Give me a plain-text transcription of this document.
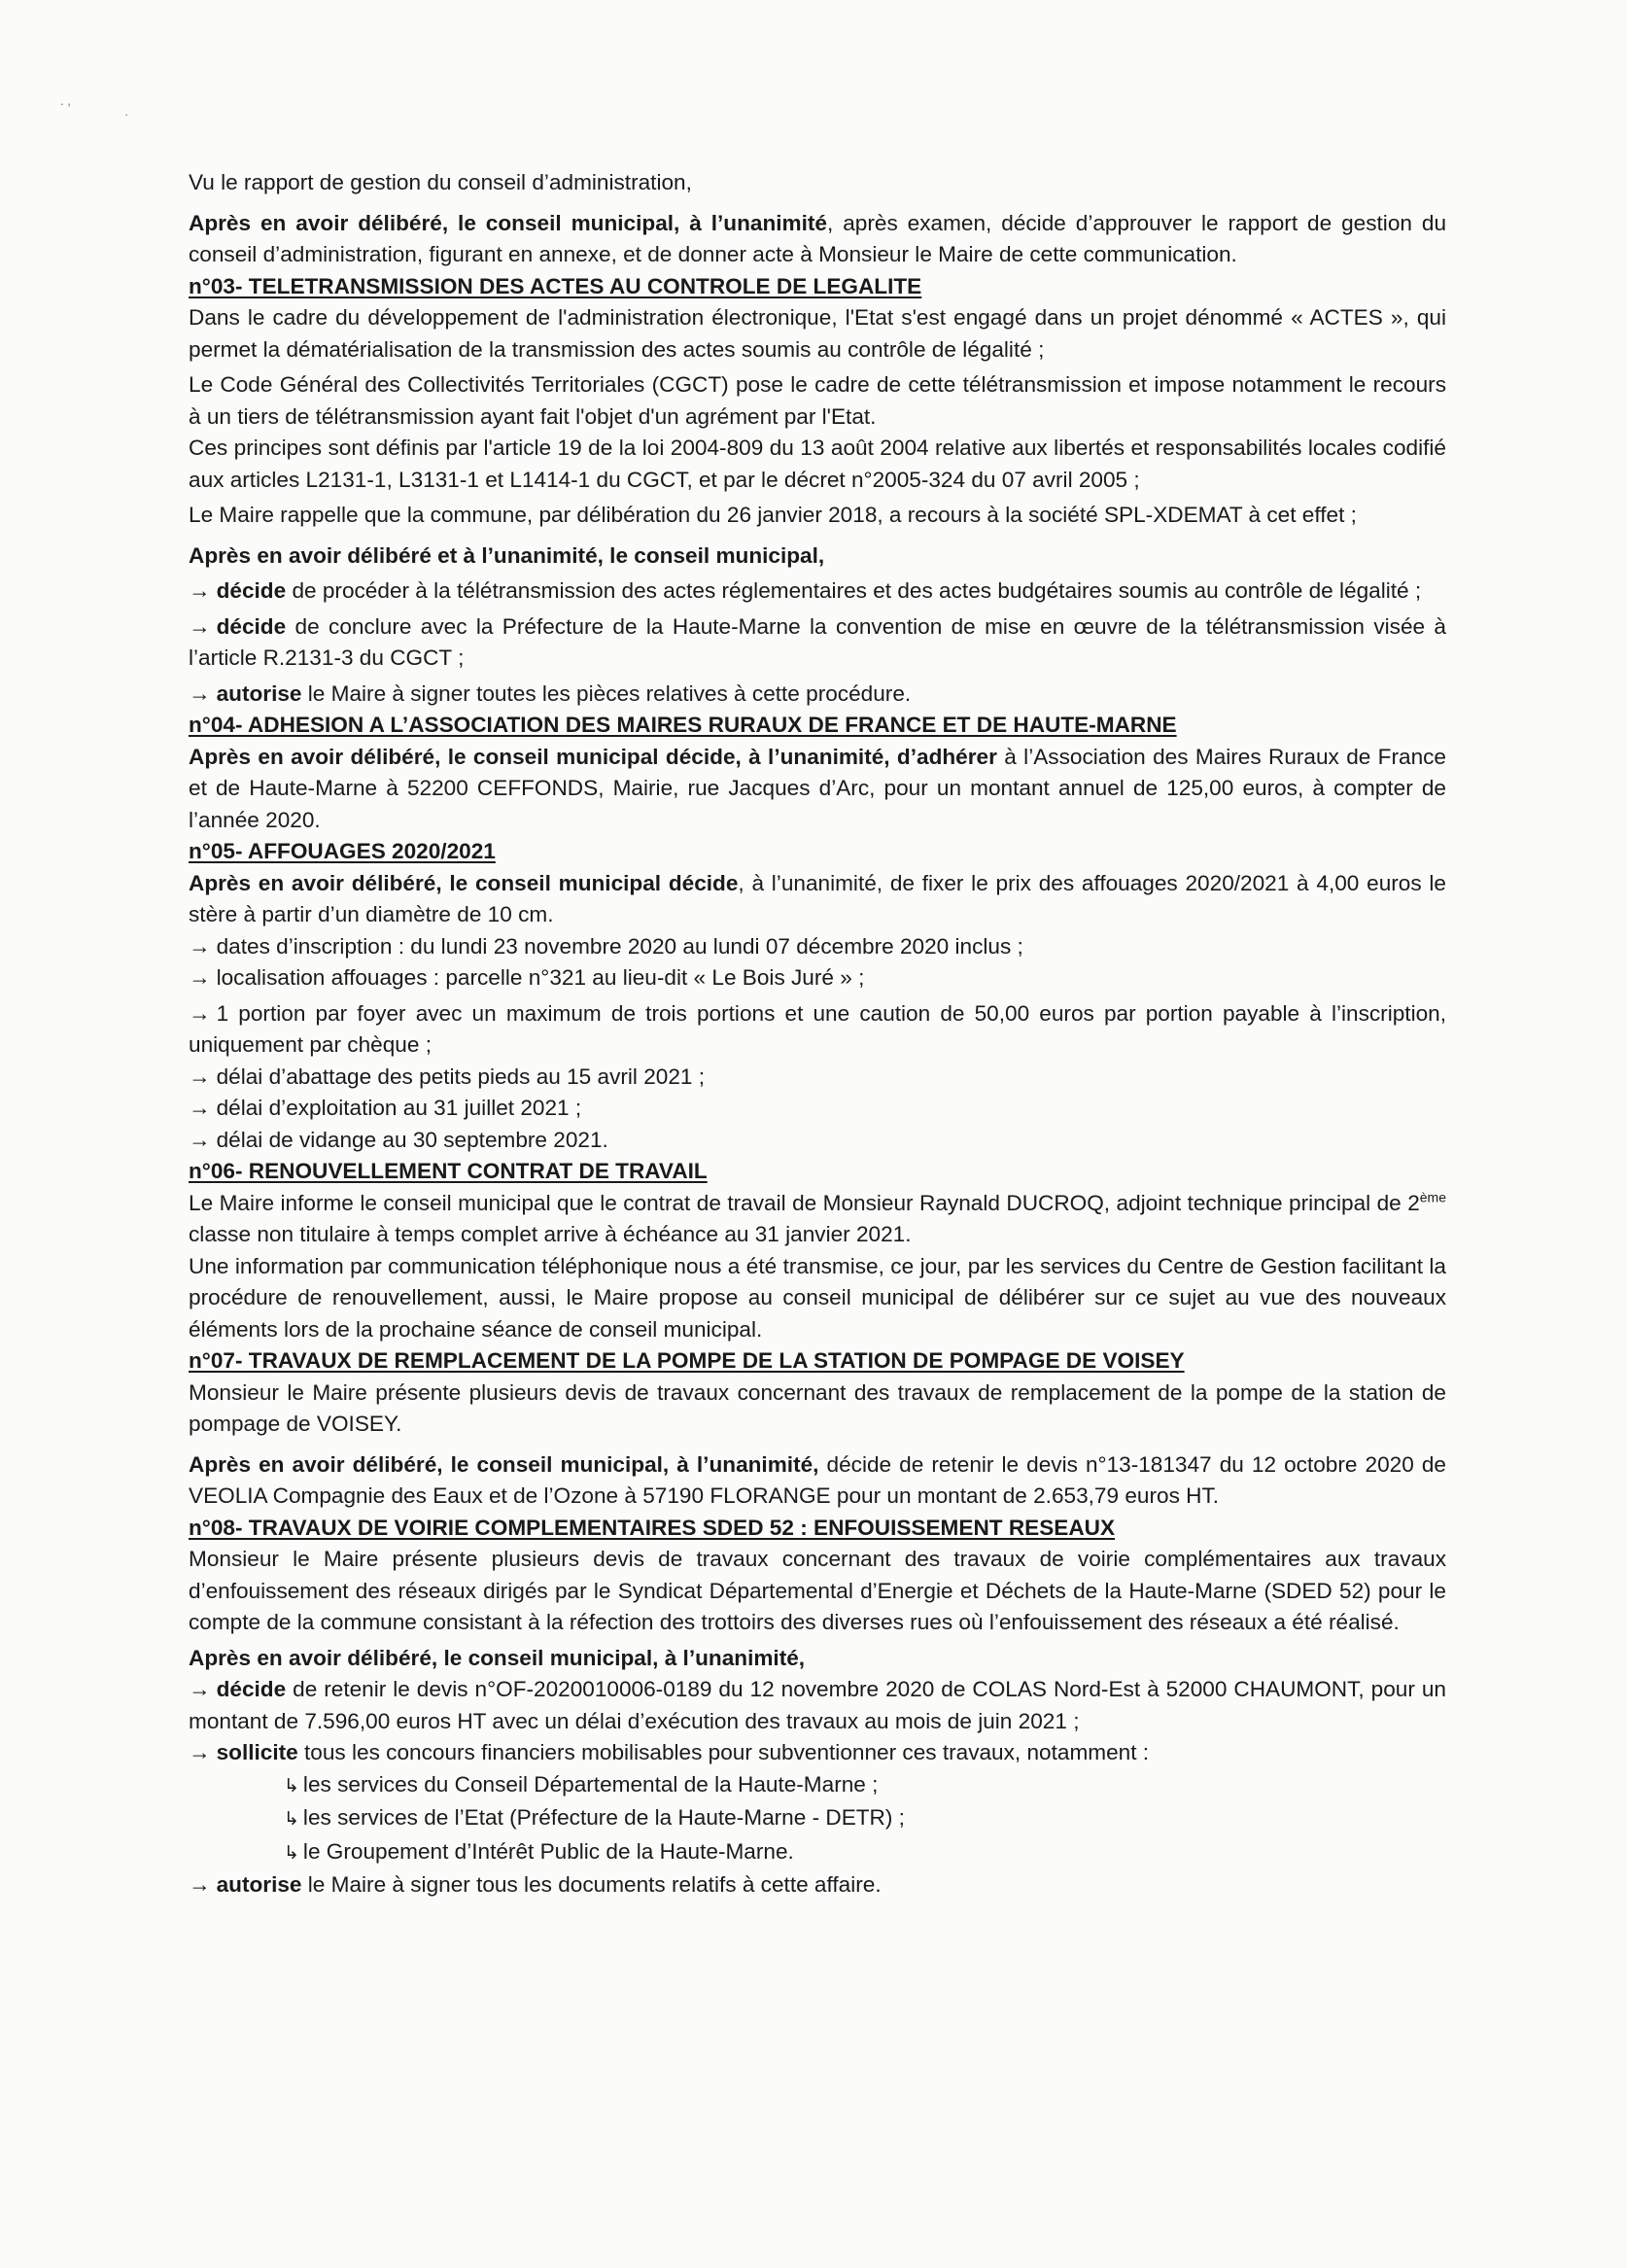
. ,
·

Vu le rapport de gestion du conseil d’administration,

Après en avoir délibéré, le conseil municipal, à l’unanimité, après examen, décide d’approuver le rapport de gestion du conseil d’administration, figurant en annexe, et de donner acte à Monsieur le Maire de cette communication.

n°03- TELETRANSMISSION DES ACTES AU CONTROLE DE LEGALITE

Dans le cadre du développement de l'administration électronique, l'Etat s'est engagé dans un projet dénommé « ACTES », qui permet la dématérialisation de la transmission des actes soumis au contrôle de légalité ;

Le Code Général des Collectivités Territoriales (CGCT) pose le cadre de cette télétransmission et impose notamment le recours à un tiers de télétransmission ayant fait l'objet d'un agrément par l'Etat.

Ces principes sont définis par l'article 19 de la loi 2004-809 du 13 août 2004 relative aux libertés et responsabilités locales codifié aux articles L2131-1, L3131-1 et L1414-1 du CGCT, et par le décret n°2005-324 du 07 avril 2005 ;

Le Maire rappelle que la commune, par délibération du 26 janvier 2018, a recours à la société SPL-XDEMAT à cet effet ;

Après en avoir délibéré et à l’unanimité, le conseil municipal,

→ décide de procéder à la télétransmission des actes réglementaires et des actes budgétaires soumis au contrôle de légalité ;

→ décide de conclure avec la Préfecture de la Haute-Marne la convention de mise en œuvre de la télétransmission visée à l’article R.2131-3 du CGCT ;

→ autorise le Maire à signer toutes les pièces relatives à cette procédure.

n°04- ADHESION A L’ASSOCIATION DES MAIRES RURAUX DE FRANCE ET DE HAUTE-MARNE

Après en avoir délibéré, le conseil municipal décide, à l’unanimité, d’adhérer à l’Association des Maires Ruraux de France et de Haute-Marne à 52200 CEFFONDS, Mairie, rue Jacques d’Arc, pour un montant annuel de 125,00 euros, à compter de l’année 2020.

n°05- AFFOUAGES 2020/2021

Après en avoir délibéré, le conseil municipal décide, à l’unanimité, de fixer le prix des affouages 2020/2021 à 4,00 euros le stère à partir d’un diamètre de 10 cm.

→ dates d’inscription : du lundi 23 novembre 2020 au lundi 07 décembre 2020 inclus ;

→ localisation affouages : parcelle n°321 au lieu-dit « Le Bois Juré » ;

→ 1 portion par foyer avec un maximum de trois portions et une caution de 50,00 euros par portion payable à l’inscription, uniquement par chèque ;

→ délai d’abattage des petits pieds au 15 avril 2021 ;

→ délai d’exploitation au 31 juillet 2021 ;

→ délai de vidange au 30 septembre 2021.

n°06- RENOUVELLEMENT CONTRAT DE TRAVAIL

Le Maire informe le conseil municipal que le contrat de travail de Monsieur Raynald DUCROQ, adjoint technique principal de 2ème classe non titulaire à temps complet arrive à échéance au 31 janvier 2021.

Une information par communication téléphonique nous a été transmise, ce jour, par les services du Centre de Gestion facilitant la procédure de renouvellement, aussi, le Maire propose au conseil municipal de délibérer sur ce sujet au vue des nouveaux éléments lors de la prochaine séance de conseil municipal.

n°07- TRAVAUX DE REMPLACEMENT DE LA POMPE DE LA STATION DE POMPAGE DE VOISEY

Monsieur le Maire présente plusieurs devis de travaux concernant des travaux de remplacement de la pompe de la station de pompage de VOISEY.

Après en avoir délibéré, le conseil municipal, à l’unanimité, décide de retenir le devis n°13-181347 du 12 octobre 2020 de VEOLIA Compagnie des Eaux et de l’Ozone à 57190 FLORANGE pour un montant de 2.653,79 euros HT.

n°08- TRAVAUX DE VOIRIE COMPLEMENTAIRES SDED 52 : ENFOUISSEMENT RESEAUX

Monsieur le Maire présente plusieurs devis de travaux concernant des travaux de voirie complémentaires aux travaux d’enfouissement des réseaux dirigés par le Syndicat Départemental d’Energie et Déchets de la Haute-Marne (SDED 52) pour le compte de la commune consistant à la réfection des trottoirs des diverses rues où l’enfouissement des réseaux a été réalisé.

Après en avoir délibéré, le conseil municipal, à l’unanimité,

→ décide de retenir le devis n°OF-2020010006-0189 du 12 novembre 2020 de COLAS Nord-Est à 52000 CHAUMONT, pour un montant de 7.596,00 euros HT avec un délai d’exécution des travaux au mois de juin 2021 ;

→ sollicite tous les concours financiers mobilisables pour subventionner ces travaux, notamment :

↳ les services du Conseil Départemental de la Haute-Marne ;

↳ les services de l’Etat (Préfecture de la Haute-Marne - DETR) ;

↳ le Groupement d’Intérêt Public de la Haute-Marne.

→ autorise le Maire à signer tous les documents relatifs à cette affaire.
